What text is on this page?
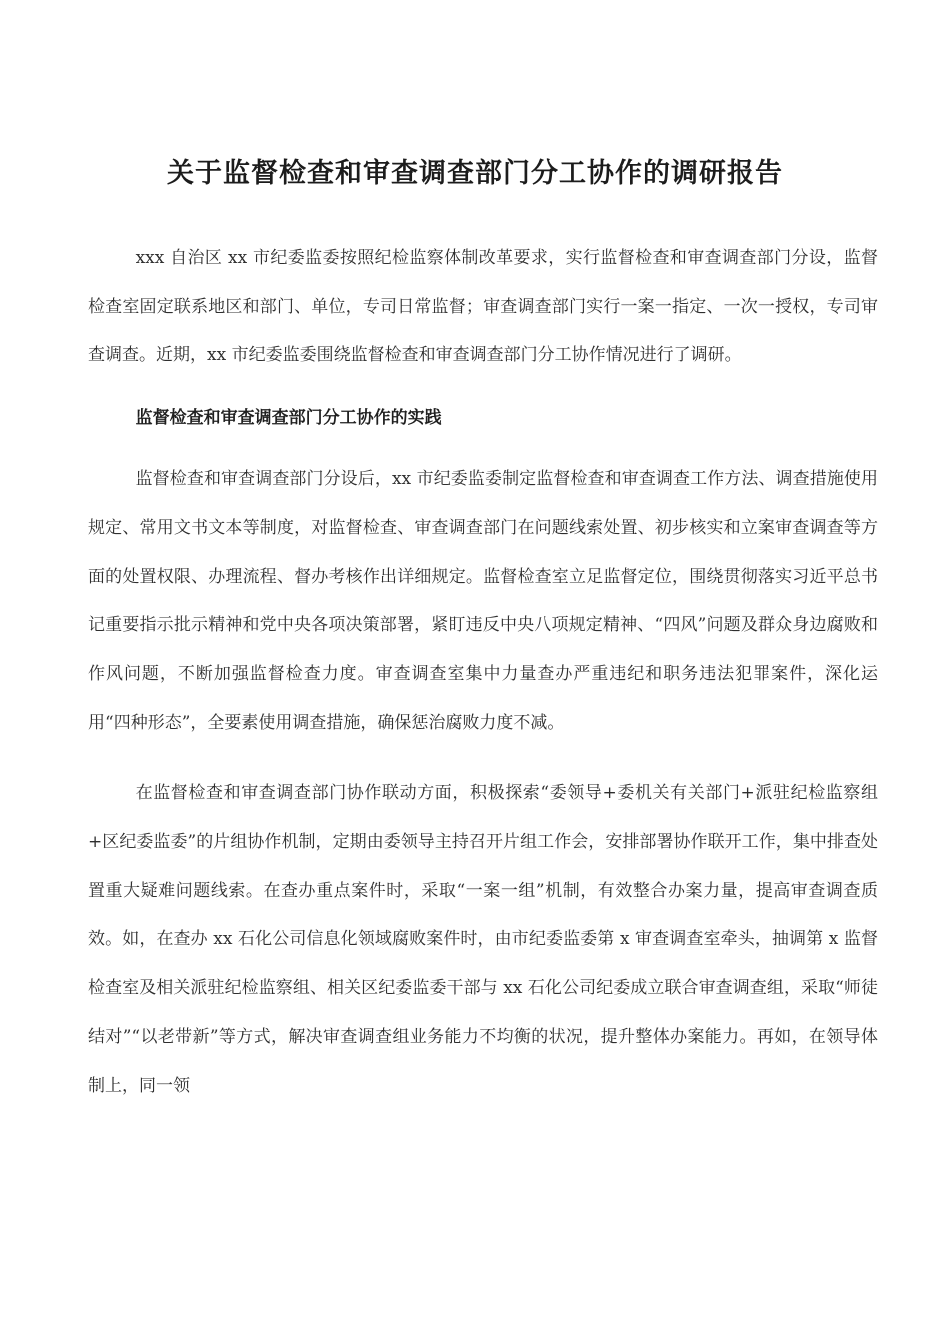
关于监督检查和审查调查部门分工协作的调研报告

xxx 自治区 xx 市纪委监委按照纪检监察体制改革要求，实行监督检查和审查调查部门分设，监督检查室固定联系地区和部门、单位，专司日常监督；审查调查部门实行一案一指定、一次一授权，专司审查调查。近期，xx 市纪委监委围绕监督检查和审查调查部门分工协作情况进行了调研。

监督检查和审查调查部门分工协作的实践

监督检查和审查调查部门分设后，xx 市纪委监委制定监督检查和审查调查工作方法、调查措施使用规定、常用文书文本等制度，对监督检查、审查调查部门在问题线索处置、初步核实和立案审查调查等方面的处置权限、办理流程、督办考核作出详细规定。监督检查室立足监督定位，围绕贯彻落实习近平总书记重要指示批示精神和党中央各项决策部署，紧盯违反中央八项规定精神、“四风”问题及群众身边腐败和作风问题，不断加强监督检查力度。审查调查室集中力量查办严重违纪和职务违法犯罪案件，深化运用“四种形态”，全要素使用调查措施，确保惩治腐败力度不减。

在监督检查和审查调查部门协作联动方面，积极探索“委领导+委机关有关部门+派驻纪检监察组+区纪委监委”的片组协作机制，定期由委领导主持召开片组工作会，安排部署协作联开工作，集中排查处置重大疑难问题线索。在查办重点案件时，采取“一案一组”机制，有效整合办案力量，提高审查调查质效。如，在查办 xx 石化公司信息化领域腐败案件时，由市纪委监委第 x 审查调查室牵头，抽调第 x 监督检查室及相关派驻纪检监察组、相关区纪委监委干部与 xx 石化公司纪委成立联合审查调查组，采取“师徒结对”“以老带新”等方式，解决审查调查组业务能力不均衡的状况，提升整体办案能力。再如，在领导体制上，同一领
